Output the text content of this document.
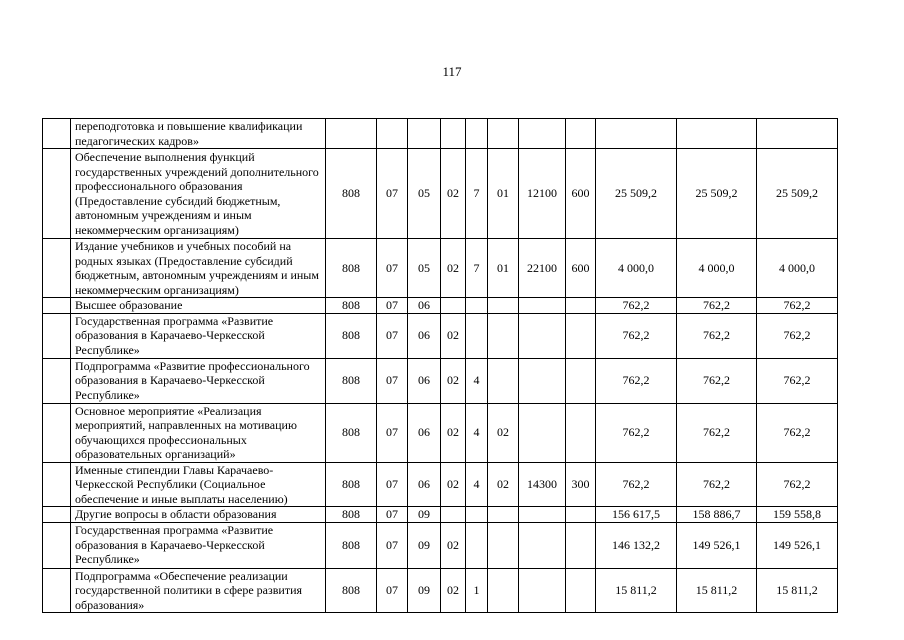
117
	переподготовка и повышение квалификации педагогических кадров»											
	Обеспечение выполнения функций государственных учреждений дополнительного профессионального образования (Предоставление субсидий бюджетным, автономным учреждениям и иным некоммерческим организациям)	808	07	05	02	7	01	12100	600	25 509,2	25 509,2	25 509,2
	Издание учебников и учебных пособий на родных языках (Предоставление субсидий бюджетным, автономным учреждениям и иным некоммерческим организациям)	808	07	05	02	7	01	22100	600	4 000,0	4 000,0	4 000,0
	Высшее образование	808	07	06						762,2	762,2	762,2
	Государственная программа «Развитие образования в Карачаево-Черкесской Республике»	808	07	06	02					762,2	762,2	762,2
	Подпрограмма «Развитие профессионального образования в Карачаево-Черкесской Республике»	808	07	06	02	4				762,2	762,2	762,2
	Основное мероприятие «Реализация мероприятий, направленных на мотивацию обучающихся профессиональных образовательных организаций»	808	07	06	02	4	02			762,2	762,2	762,2
	Именные стипендии Главы Карачаево-Черкесской Республики (Социальное обеспечение и иные выплаты населению)	808	07	06	02	4	02	14300	300	762,2	762,2	762,2
	Другие вопросы в области образования	808	07	09						156 617,5	158 886,7	159 558,8
	Государственная программа «Развитие образования в Карачаево-Черкесской Республике»	808	07	09	02					146 132,2	149 526,1	149 526,1
	Подпрограмма «Обеспечение реализации государственной политики в сфере развития образования»	808	07	09	02	1				15 811,2	15 811,2	15 811,2
